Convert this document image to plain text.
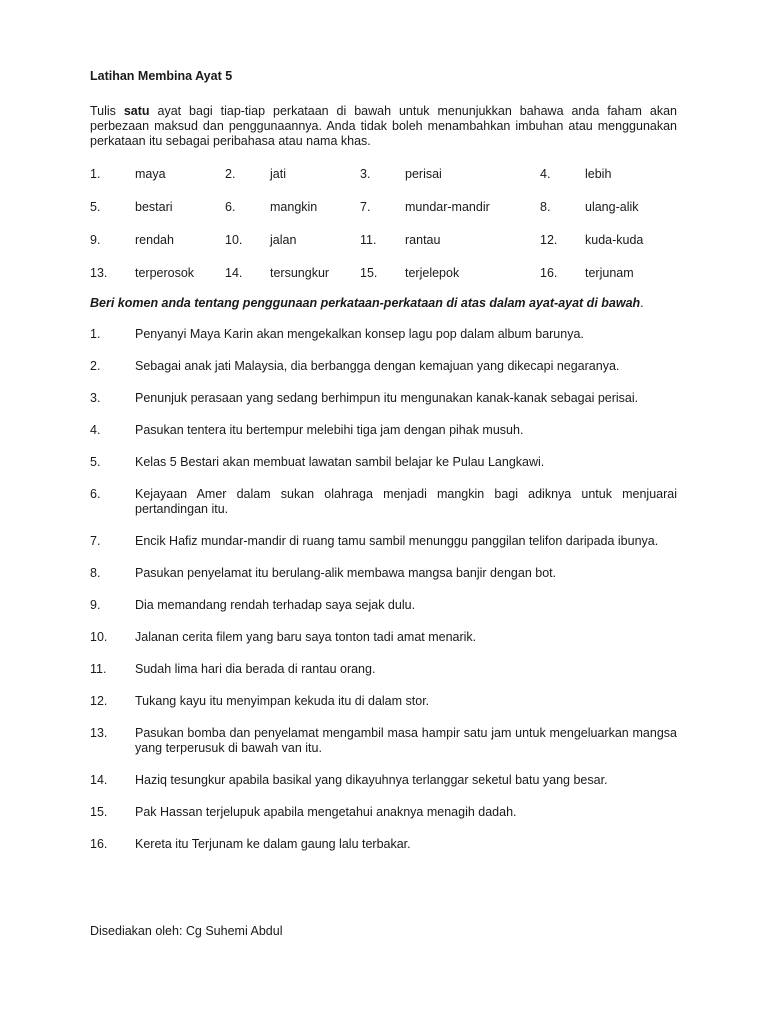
Latihan Membina Ayat 5

Tulis satu ayat bagi tiap-tiap perkataan di bawah untuk menunjukkan bahawa anda faham akan perbezaan maksud dan penggunaannya. Anda tidak boleh menambahkan imbuhan atau menggunakan perkataan itu sebagai peribahasa atau nama khas.
1.	maya	2.	jati	3.	perisai	4.	lebih
5.	bestari	6.	mangkin	7.	mundar-mandir	8.	ulang-alik
9.	rendah	10.	jalan	11.	rantau	12.	kuda-kuda
13.	terperosok	14.	tersungkur	15.	terjelepok	16.	terjunam
Beri komen anda tentang penggunaan perkataan-perkataan di atas dalam ayat-ayat di bawah.
1.	Penyanyi Maya Karin akan mengekalkan konsep lagu pop dalam album barunya.
2.	Sebagai anak jati Malaysia, dia berbangga dengan kemajuan yang dikecapi negaranya.
3.	Penunjuk perasaan yang sedang berhimpun itu mengunakan kanak-kanak sebagai perisai.
4.	Pasukan tentera itu bertempur melebihi tiga jam dengan pihak musuh.
5.	Kelas 5 Bestari akan membuat lawatan sambil belajar ke Pulau Langkawi.
6.	Kejayaan Amer dalam sukan olahraga menjadi mangkin bagi adiknya untuk menjuarai pertandingan itu.
7.	Encik Hafiz mundar-mandir di ruang tamu sambil menunggu panggilan telifon daripada ibunya.
8.	Pasukan penyelamat itu berulang-alik membawa mangsa banjir dengan bot.
9.	Dia memandang rendah terhadap saya sejak dulu.
10.	Jalanan cerita filem yang baru saya tonton tadi amat menarik.
11.	Sudah lima hari dia berada di rantau orang.
12.	Tukang kayu itu menyimpan kekuda itu di dalam stor.
13.	Pasukan bomba dan penyelamat mengambil masa hampir satu jam untuk mengeluarkan mangsa yang terperusuk di bawah van itu.
14.	Haziq tesungkur apabila basikal yang dikayuhnya terlanggar seketul batu yang besar.
15.	Pak Hassan terjelupuk apabila mengetahui anaknya menagih dadah.
16.	Kereta itu Terjunam ke dalam gaung lalu terbakar.
Disediakan oleh: Cg Suhemi Abdul
